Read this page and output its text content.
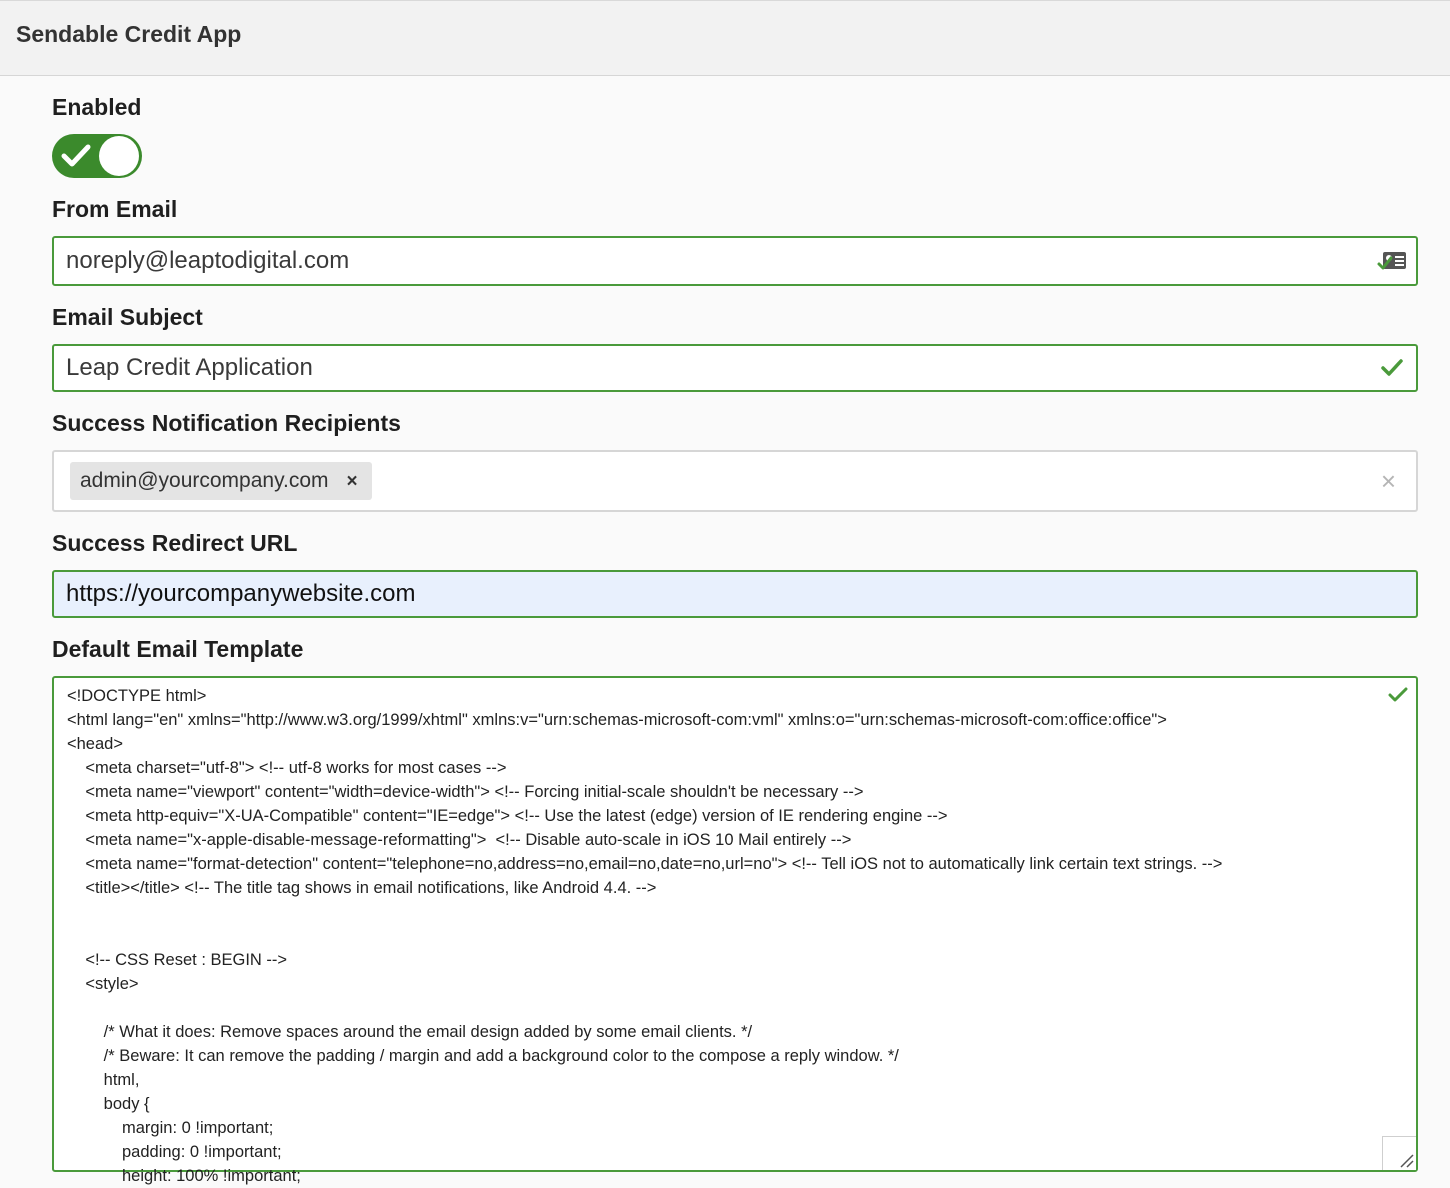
Sendable Credit App
Enabled
From Email
noreply@leaptodigital.com
Email Subject
Leap Credit Application
Success Notification Recipients
admin@yourcompany.com ×	×
Success Redirect URL
https://yourcompanywebsite.com
Default Email Template
<!DOCTYPE html>
<html lang="en" xmlns="http://www.w3.org/1999/xhtml" xmlns:v="urn:schemas-microsoft-com:vml" xmlns:o="urn:schemas-microsoft-com:office:office">
<head>
<meta charset="utf-8"> <!-- utf-8 works for most cases -->
<meta name="viewport" content="width=device-width"> <!-- Forcing initial-scale shouldn't be necessary -->
<meta http-equiv="X-UA-Compatible" content="IE=edge"> <!-- Use the latest (edge) version of IE rendering engine -->
<meta name="x-apple-disable-message-reformatting">  <!-- Disable auto-scale in iOS 10 Mail entirely -->
<meta name="format-detection" content="telephone=no,address=no,email=no,date=no,url=no"> <!-- Tell iOS not to automatically link certain text strings. -->
<title></title> <!-- The title tag shows in email notifications, like Android 4.4. -->

<!-- CSS Reset : BEGIN -->
<style>

/* What it does: Remove spaces around the email design added by some email clients. */
/* Beware: It can remove the padding / margin and add a background color to the compose a reply window. */
html,
body {
margin: 0 !important;
padding: 0 !important;
height: 100% !important;
